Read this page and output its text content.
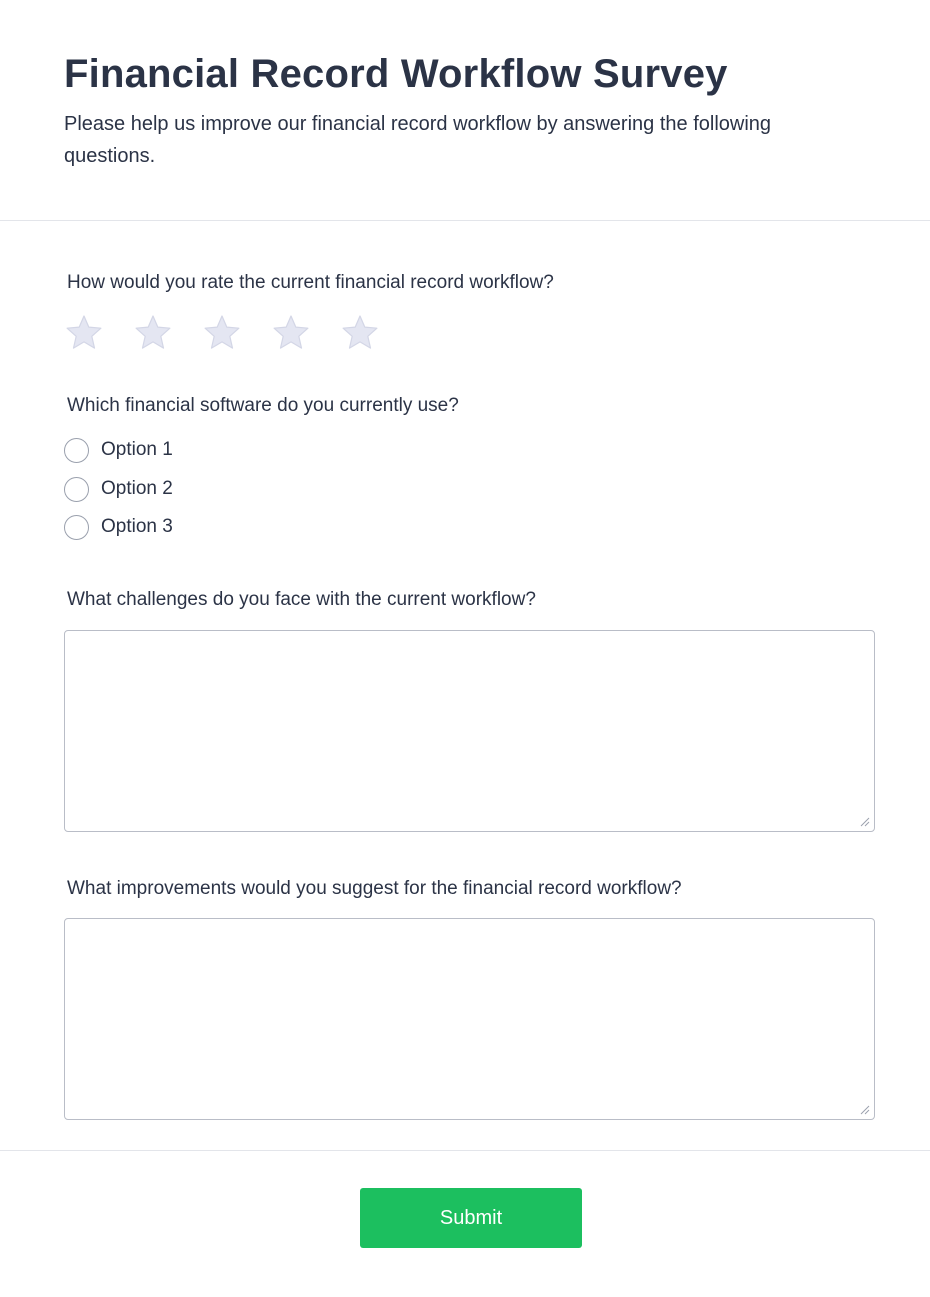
Financial Record Workflow Survey
Please help us improve our financial record workflow by answering the following questions.
How would you rate the current financial record workflow?
Which financial software do you currently use?
Option 1
Option 2
Option 3
What challenges do you face with the current workflow?
What improvements would you suggest for the financial record workflow?
Submit
